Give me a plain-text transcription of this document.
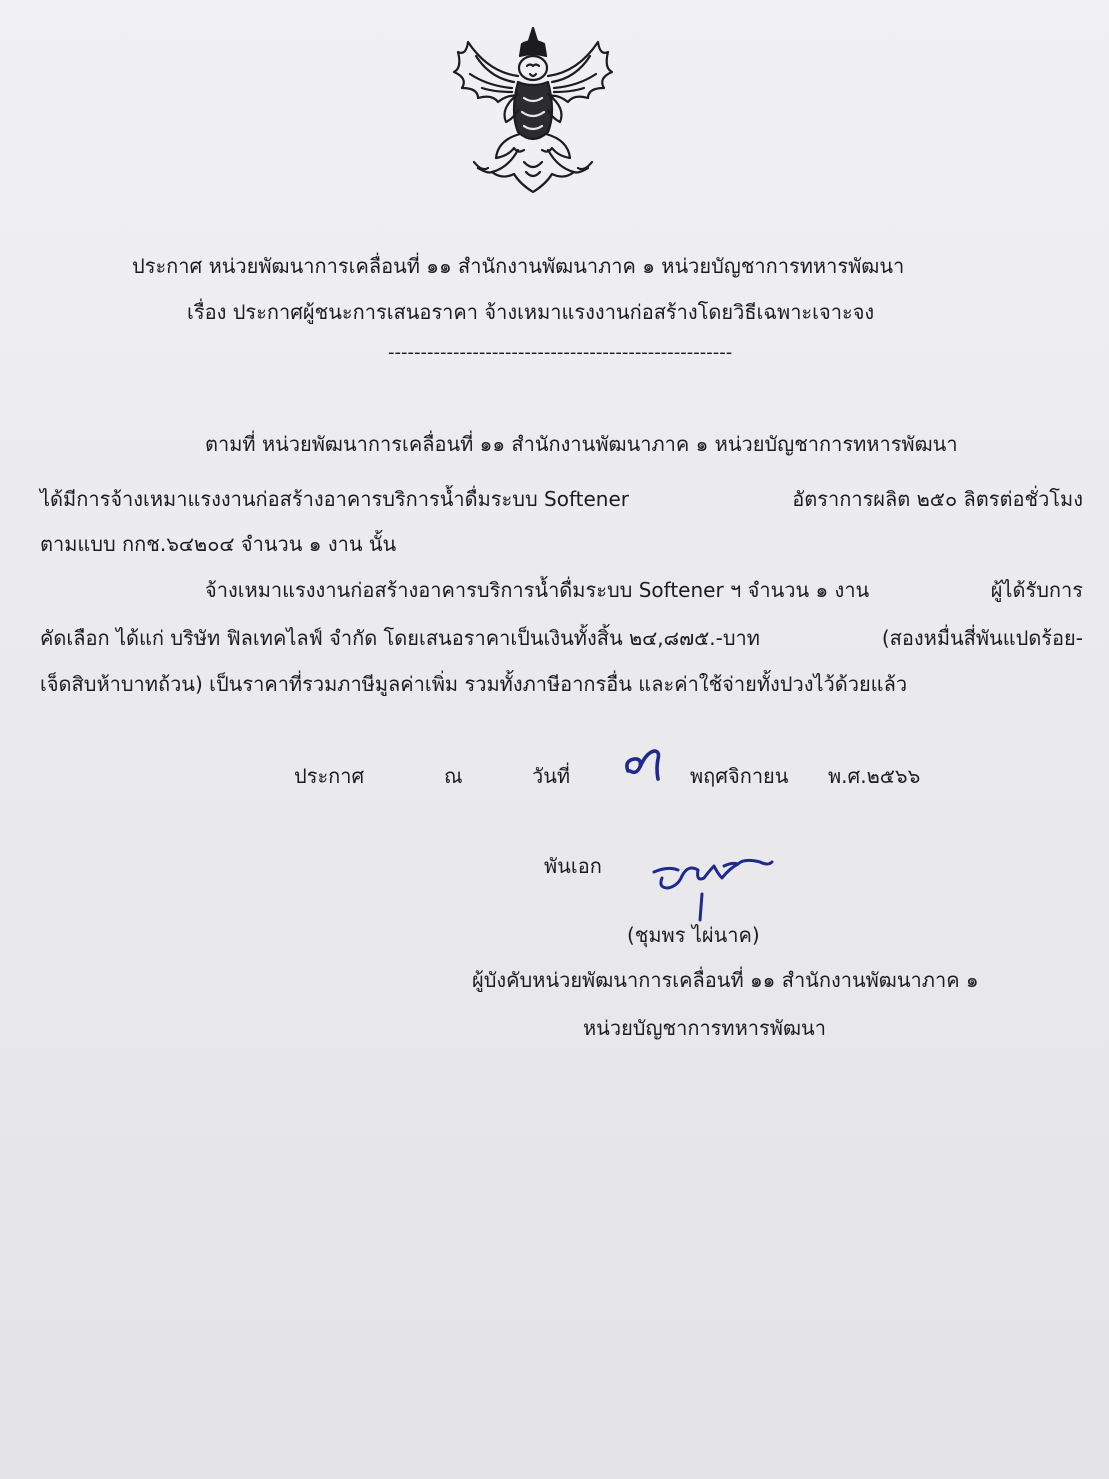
ประกาศ หน่วยพัฒนาการเคลื่อนที่ ๑๑ สำนักงานพัฒนาภาค ๑ หน่วยบัญชาการทหารพัฒนา
เรื่อง ประกาศผู้ชนะการเสนอราคา จ้างเหมาแรงงานก่อสร้างโดยวิธีเฉพาะเจาะจง
-----------------------------------------------------
ตามที่ หน่วยพัฒนาการเคลื่อนที่ ๑๑ สำนักงานพัฒนาภาค ๑ หน่วยบัญชาการทหารพัฒนา
ได้มีการจ้างเหมาแรงงานก่อสร้างอาคารบริการน้ำดื่มระบบ Softener	อัตราการผลิต ๒๕๐ ลิตรต่อชั่วโมง
ตามแบบ กกช.๖๔๒๐๔ จำนวน ๑ งาน นั้น
จ้างเหมาแรงงานก่อสร้างอาคารบริการน้ำดื่มระบบ Softener ฯ จำนวน ๑ งาน	ผู้ได้รับการ
คัดเลือก ได้แก่ บริษัท ฟิลเทคไลฟ์ จำกัด โดยเสนอราคาเป็นเงินทั้งสิ้น ๒๔,๘๗๕.-บาท	(สองหมื่นสี่พันแปดร้อย-
เจ็ดสิบห้าบาทถ้วน) เป็นราคาที่รวมภาษีมูลค่าเพิ่ม รวมทั้งภาษีอากรอื่น และค่าใช้จ่ายทั้งปวงไว้ด้วยแล้ว
ประกาศ	ณ	วันที่	พฤศจิกายน พ.ศ.๒๕๖๖
พันเอก
(ชุมพร ไผ่นาค)
ผู้บังคับหน่วยพัฒนาการเคลื่อนที่ ๑๑ สำนักงานพัฒนาภาค ๑
หน่วยบัญชาการทหารพัฒนา
